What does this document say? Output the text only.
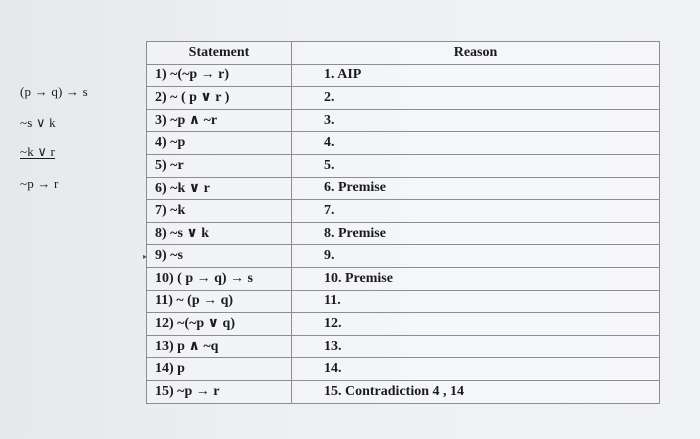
(p → q) → s
~s ∨ k
~k ∨ r
~p → r
▸
Statement	Reason
1) ~(~p → r)	1. AIP
2) ~ ( p ∨ r )	2.
3) ~p ∧ ~r	3.
4) ~p	4.
5) ~r	5.
6) ~k ∨ r	6. Premise
7) ~k	7.
8) ~s ∨ k	8. Premise
9) ~s	9.
10) ( p → q) → s	10. Premise
11) ~ (p → q)	11.
12) ~(~p ∨ q)	12.
13) p ∧ ~q	13.
14) p	14.
15) ~p → r	15. Contradiction 4 , 14
